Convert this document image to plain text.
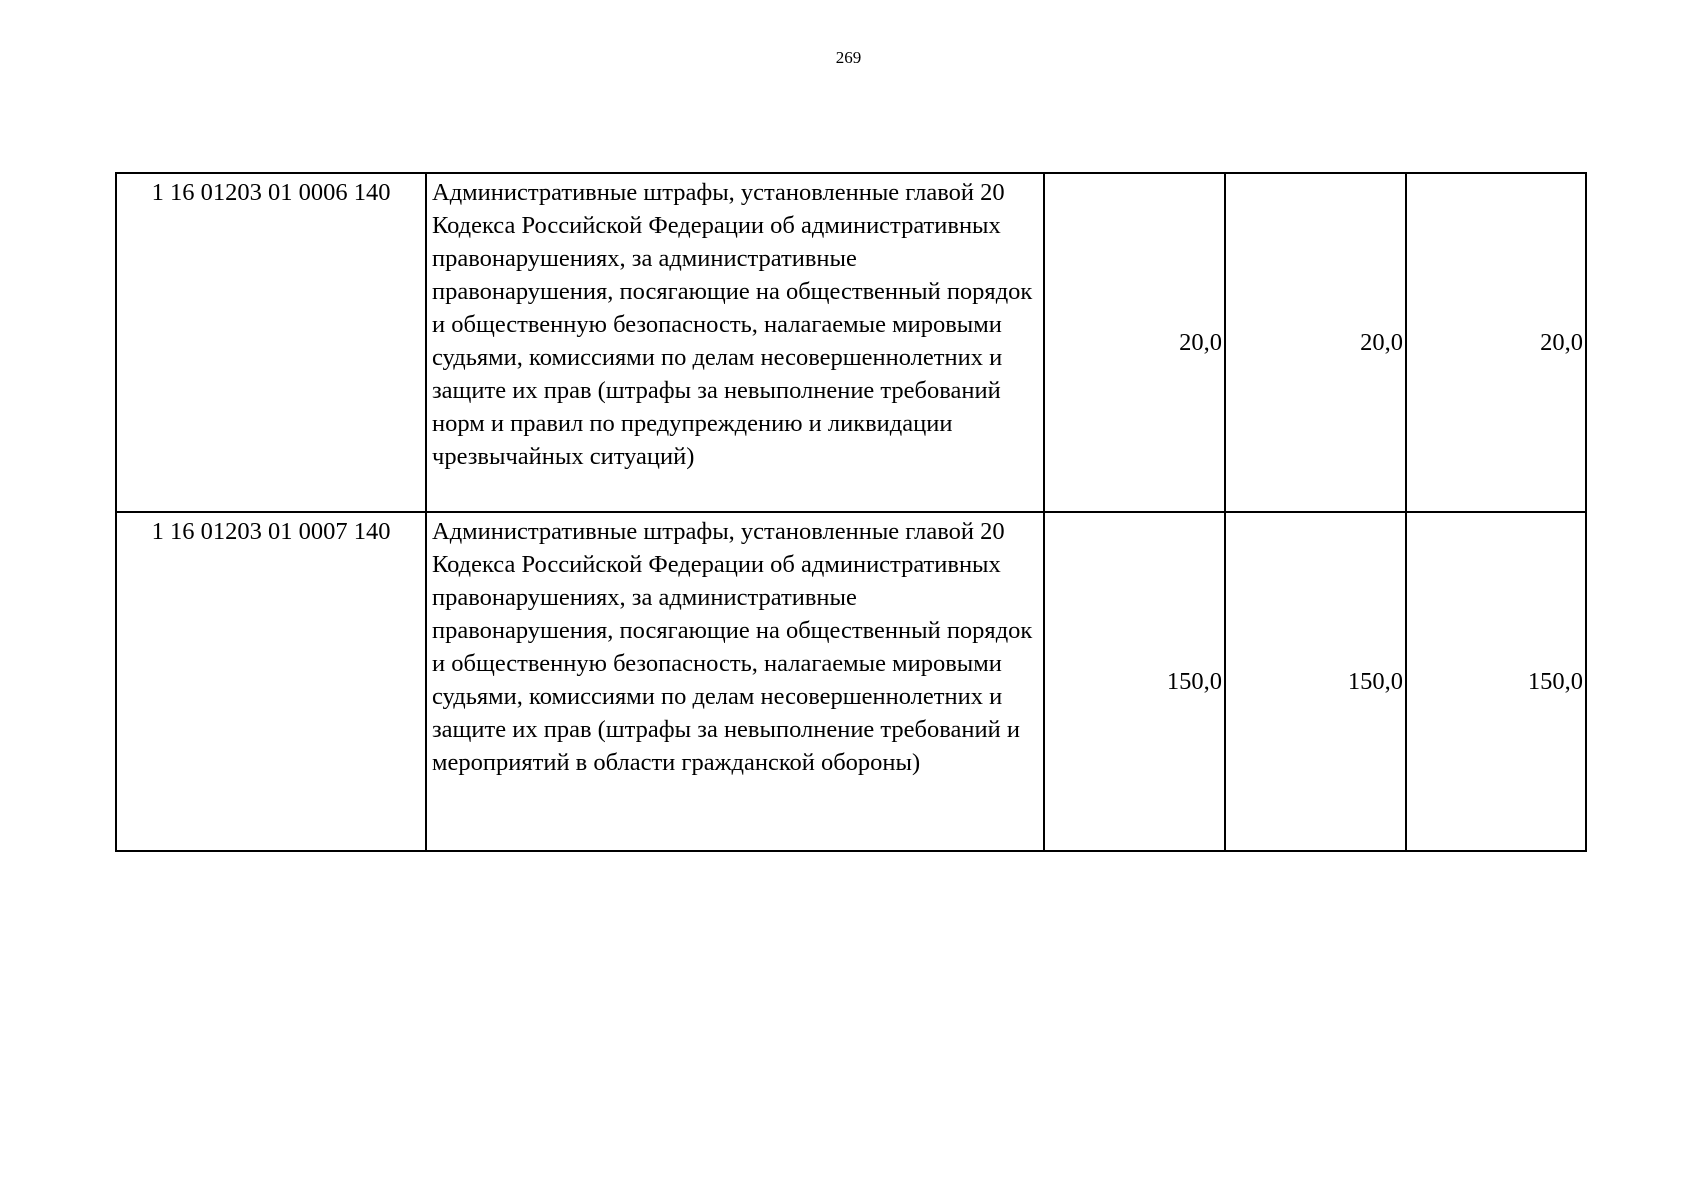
269
1 16 01203 01 0006 140	Административные штрафы, установленные главой 20 Кодекса Российской Федерации об административных правонарушениях, за административные правонарушения, посягающие на общественный порядок и общественную безопасность, налагаемые мировыми судьями, комиссиями по делам несовершеннолетних и защите их прав (штрафы за невыполнение требований норм и правил по предупреждению и ликвидации чрезвычайных ситуаций)	20,0	20,0	20,0
1 16 01203 01 0007 140	Административные штрафы, установленные главой 20 Кодекса Российской Федерации об административных правонарушениях, за административные правонарушения, посягающие на общественный порядок и общественную безопасность, налагаемые мировыми судьями, комиссиями по делам несовершеннолетних и защите их прав (штрафы за невыполнение требований и мероприятий в области гражданской обороны)	150,0	150,0	150,0
